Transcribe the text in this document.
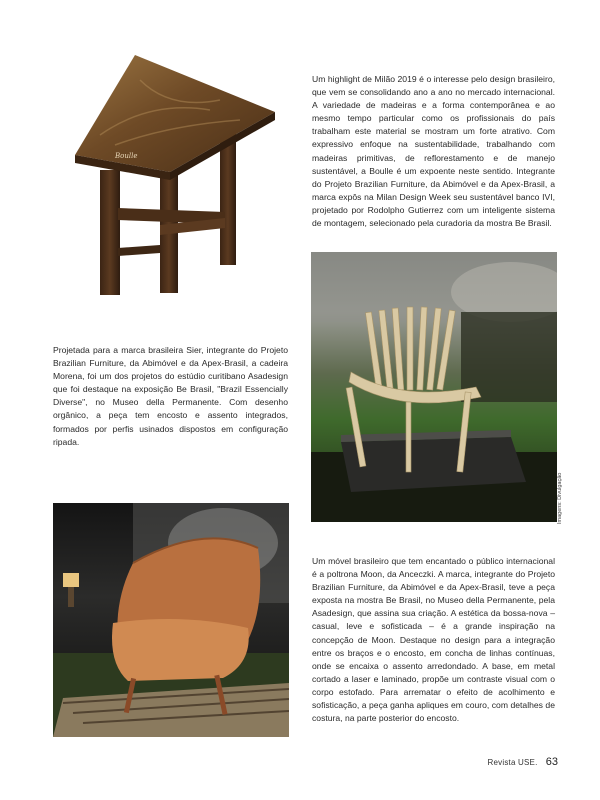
Boulle

Um highlight de Milão 2019 é o interesse pelo design brasileiro, que vem se consolidando ano a ano no mercado internacional. A variedade de madeiras e a forma contemporânea e ao mesmo tempo particular como os profissionais do país trabalham este material se mostram um forte atrativo. Com expressivo enfoque na sustentabilidade, trabalhando com madeiras primitivas, de reflorestamento e de manejo sustentável, a Boulle é um expoente neste sentido. Integrante do Projeto Brazilian Furniture, da Abimóvel e da Apex-Brasil, a marca expôs na Milan Design Week seu sustentável banco IVI, projetado por Rodolpho Gutierrez com um inteligente sistema de montagem, selecionado pela curadoria da mostra Be Brasil.

Imagens: Divulgação

Projetada para a marca brasileira Sier, integrante do Projeto Brazilian Furniture, da Abimóvel e da Apex-Brasil, a cadeira Morena, foi um dos projetos do estúdio curitibano Asadesign que foi destaque na exposição Be Brasil, "Brazil Essencially Diverse", no Museo della Permanente. Com desenho orgânico, a peça tem encosto e assento integrados, formados por perfis usinados dispostos em configuração ripada.

Um móvel brasileiro que tem encantado o público internacional é a poltrona Moon, da Anceczki. A marca, integrante do Projeto Brazilian Furniture, da Abimóvel e da Apex-Brasil, teve a peça exposta na mostra Be Brasil, no Museo della Permanente, pela Asadesign, que assina sua criação. A estética da bossa-nova – casual, leve e sofisticada – é a grande inspiração na concepção de Moon. Destaque no design para a integração entre os braços e o encosto, em concha de linhas contínuas, onde se encaixa o assento arredondado. A base, em metal cortado a laser e laminado, propõe um contraste visual com o corpo estofado. Para arrematar o efeito de acolhimento e sofisticação, a peça ganha apliques em couro, com detalhes de costura, na parte posterior do encosto.

Revista USE. 63
